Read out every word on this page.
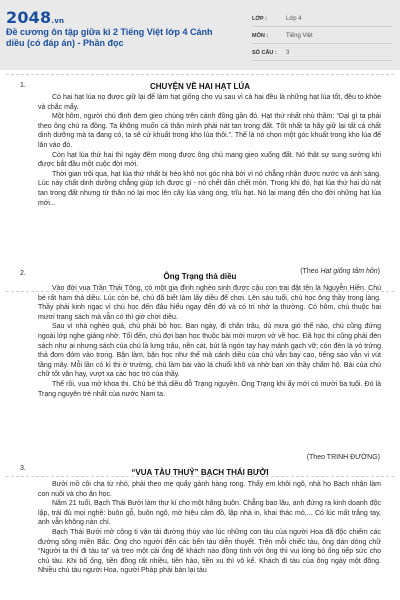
2048.vn
Đề cương ôn tập giữa kì 2 Tiếng Việt lớp 4 Cánh diều (có đáp án) - Phần đọc
LỚP :	Lớp 4
MÔN :	Tiếng Việt
SỐ CÂU :	3
1.	CHUYỆN VỀ HAI HẠT LÚA

Có hai hạt lúa nọ được giữ lại để làm hạt giống cho vụ sau vì cả hai đều là những hạt lúa tốt, đều to khỏe và chắc mẩy.

Một hôm, người chủ định đem gieo chúng trên cánh đồng gần đó. Hạt thứ nhất nhủ thầm: “Dại gì ta phải theo ông chủ ra đồng. Ta không muốn cả thân mình phải nát tan trong đất. Tốt nhất ta hãy giữ lại tất cả chất dinh dưỡng mà ta đang có, ta sẽ cứ khuất trong kho lúa thôi.”. Thế là nó chọn một góc khuất trong kho lúa để lăn vào đó.

Còn hạt lúa thứ hai thì ngày đêm mong được ông chủ mang gieo xuống đất. Nó thật sự sung sướng khi được bắt đầu một cuộc đời mới.

Thời gian trôi qua, hạt lúa thứ nhất bị héo khô nơi góc nhà bởi vì nó chẳng nhận được nước và ánh sáng. Lúc này chất dinh dưỡng chẳng giúp ích được gì - nó chết dần chết mòn. Trong khi đó, hạt lúa thứ hai dù nát tan trong đất nhưng từ thân nó lại mọc lên cây lúa vàng óng, trĩu hạt. Nó lại mang đến cho đời những hạt lúa mới...

(Theo Hạt giống tâm hồn)
2.	Ông Trạng thả diều

Vào đời vua Trần Thái Tông, có một gia đình nghèo sinh được cậu con trai đặt tên là Nguyễn Hiền. Chú bé rất ham thả diều. Lúc còn bé, chú đã biết làm lấy diều để chơi. Lên sáu tuổi, chú học ông thầy trong làng. Thầy phải kinh ngạc vì chú học đến đâu hiểu ngay đến đó và có trí nhớ lạ thường. Có hôm, chú thuộc hai mươi trang sách mà vẫn có thì giờ chơi diều.

Sau vì nhà nghèo quá, chú phải bỏ học. Ban ngày, đi chăn trâu, dù mưa gió thế nào, chú cũng đứng ngoài lớp nghe giảng nhờ. Tối đến, chú đợi bạn học thuộc bài mới mượn vở về học. Đã học thì cũng phải đèn sách như ai nhưng sách của chú là lưng trâu, nền cát, bút là ngón tay hay mảnh gạch vỡ; còn đèn là vỏ trứng thả đom đóm vào trong. Bận làm, bận học như thế mà cánh diều của chú vẫn bay cao, tiếng sáo vẫn vi vút tầng mây. Mỗi lần có kì thi ở trường, chú làm bài vào lá chuối khô và nhờ bạn xin thầy chấm hộ. Bài của chú chữ tốt văn hay, vượt xa các học trò của thầy.

Thế rồi, vua mở khoa thi. Chú bé thả diều đỗ Trạng nguyên. Ông Trạng khi ấy mới có mười ba tuổi. Đó là Trạng nguyên trẻ nhất của nước Nam ta.

(Theo TRINH ĐƯỜNG)
3.	“VUA TÀU THUỶ” BẠCH THÁI BƯỞI

Bưởi mồ côi cha từ nhỏ, phải theo mẹ quẩy gánh hàng rong. Thấy em khôi ngô, nhà họ Bạch nhận làm con nuôi và cho ăn học.

Năm 21 tuổi, Bạch Thái Bưởi làm thư kí cho một hãng buôn. Chẳng bao lâu, anh đứng ra kinh doanh độc lập, trải đủ mọi nghề: buôn gỗ, buôn ngô, mở hiệu cầm đồ, lập nhà in, khai thác mỏ,... Có lúc mất trắng tay, anh vẫn không nản chí.

Bạch Thái Bưởi mở công ti vận tải đường thủy vào lúc những con tàu của người Hoa đã độc chiếm các đường sông miền Bắc. Ông cho người đến các bến tàu diễn thuyết. Trên mỗi chiếc tàu, ông dán dòng chữ “Người ta thì đi tàu ta” và treo một cái ống để khách nào đồng tình với ông thì vui lòng bỏ ống tiếp sức cho chủ tàu. Khi bổ ống, tiền đồng rất nhiều, tiền hào, tiền xu thì vô kể. Khách đi tàu của ông ngày một đông. Nhiều chủ tàu người Hoa, người Pháp phải bán lại tàu
